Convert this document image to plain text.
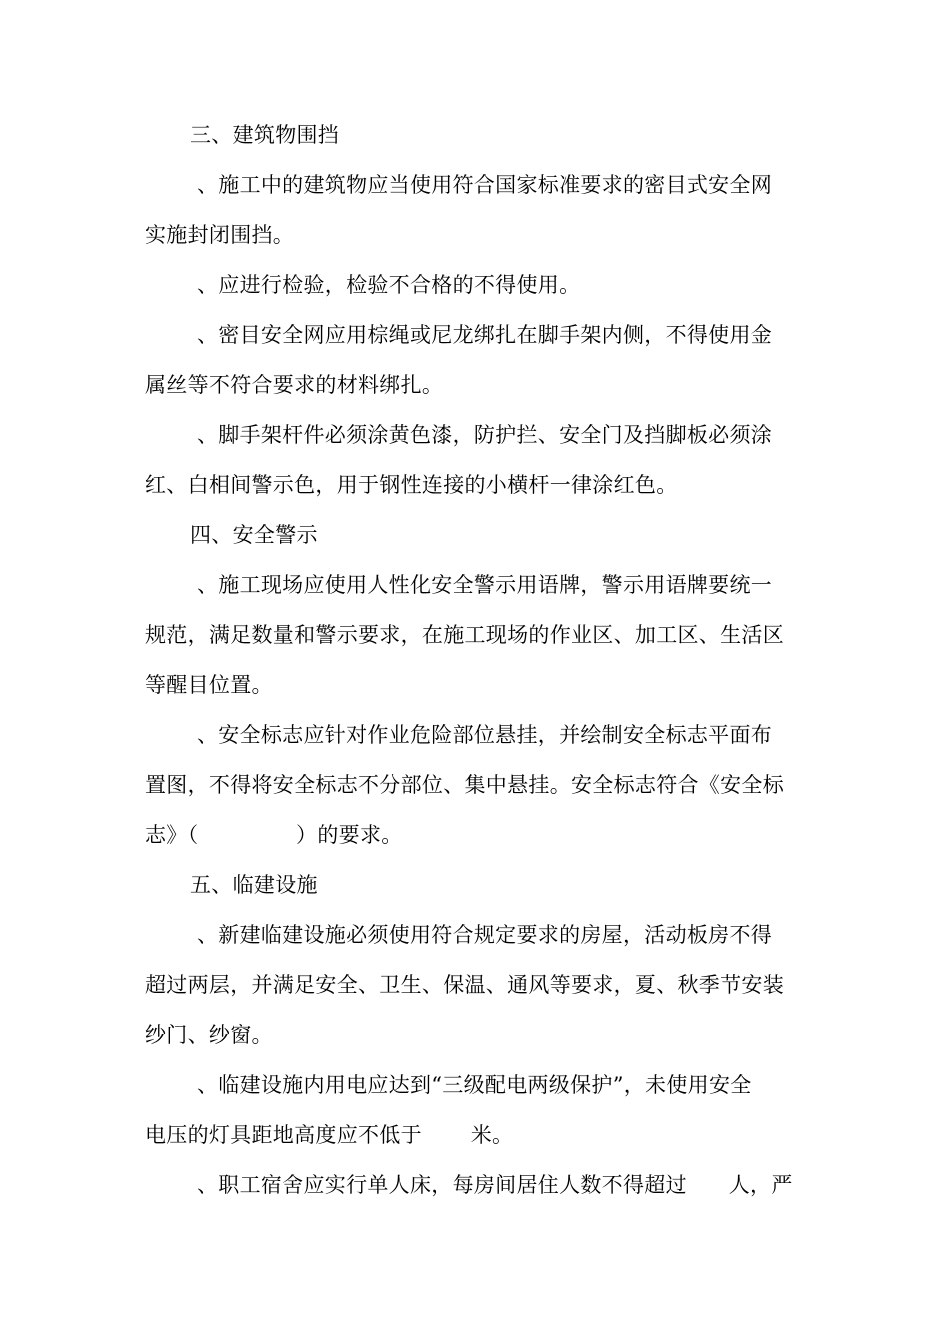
三、建筑物围挡
、施工中的建筑物应当使用符合国家标准要求的密目式安全网
实施封闭围挡。
、应进行检验，检验不合格的不得使用。
、密目安全网应用棕绳或尼龙绑扎在脚手架内侧，不得使用金
属丝等不符合要求的材料绑扎。
、脚手架杆件必须涂黄色漆，防护拦、安全门及挡脚板必须涂
红、白相间警示色，用于钢性连接的小横杆一律涂红色。
四、安全警示
、施工现场应使用人性化安全警示用语牌，警示用语牌要统一
规范，满足数量和警示要求，在施工现场的作业区、加工区、生活区
等醒目位置。
、安全标志应针对作业危险部位悬挂，并绘制安全标志平面布
置图，不得将安全标志不分部位、集中悬挂。安全标志符合《安全标
志》（              ）的要求。
五、临建设施
、新建临建设施必须使用符合规定要求的房屋，活动板房不得
超过两层，并满足安全、卫生、保温、通风等要求，夏、秋季节安装
纱门、纱窗。
、临建设施内用电应达到“三级配电两级保护”，未使用安全
电压的灯具距地高度应不低于       米。
、职工宿舍应实行单人床，每房间居住人数不得超过      人，严
